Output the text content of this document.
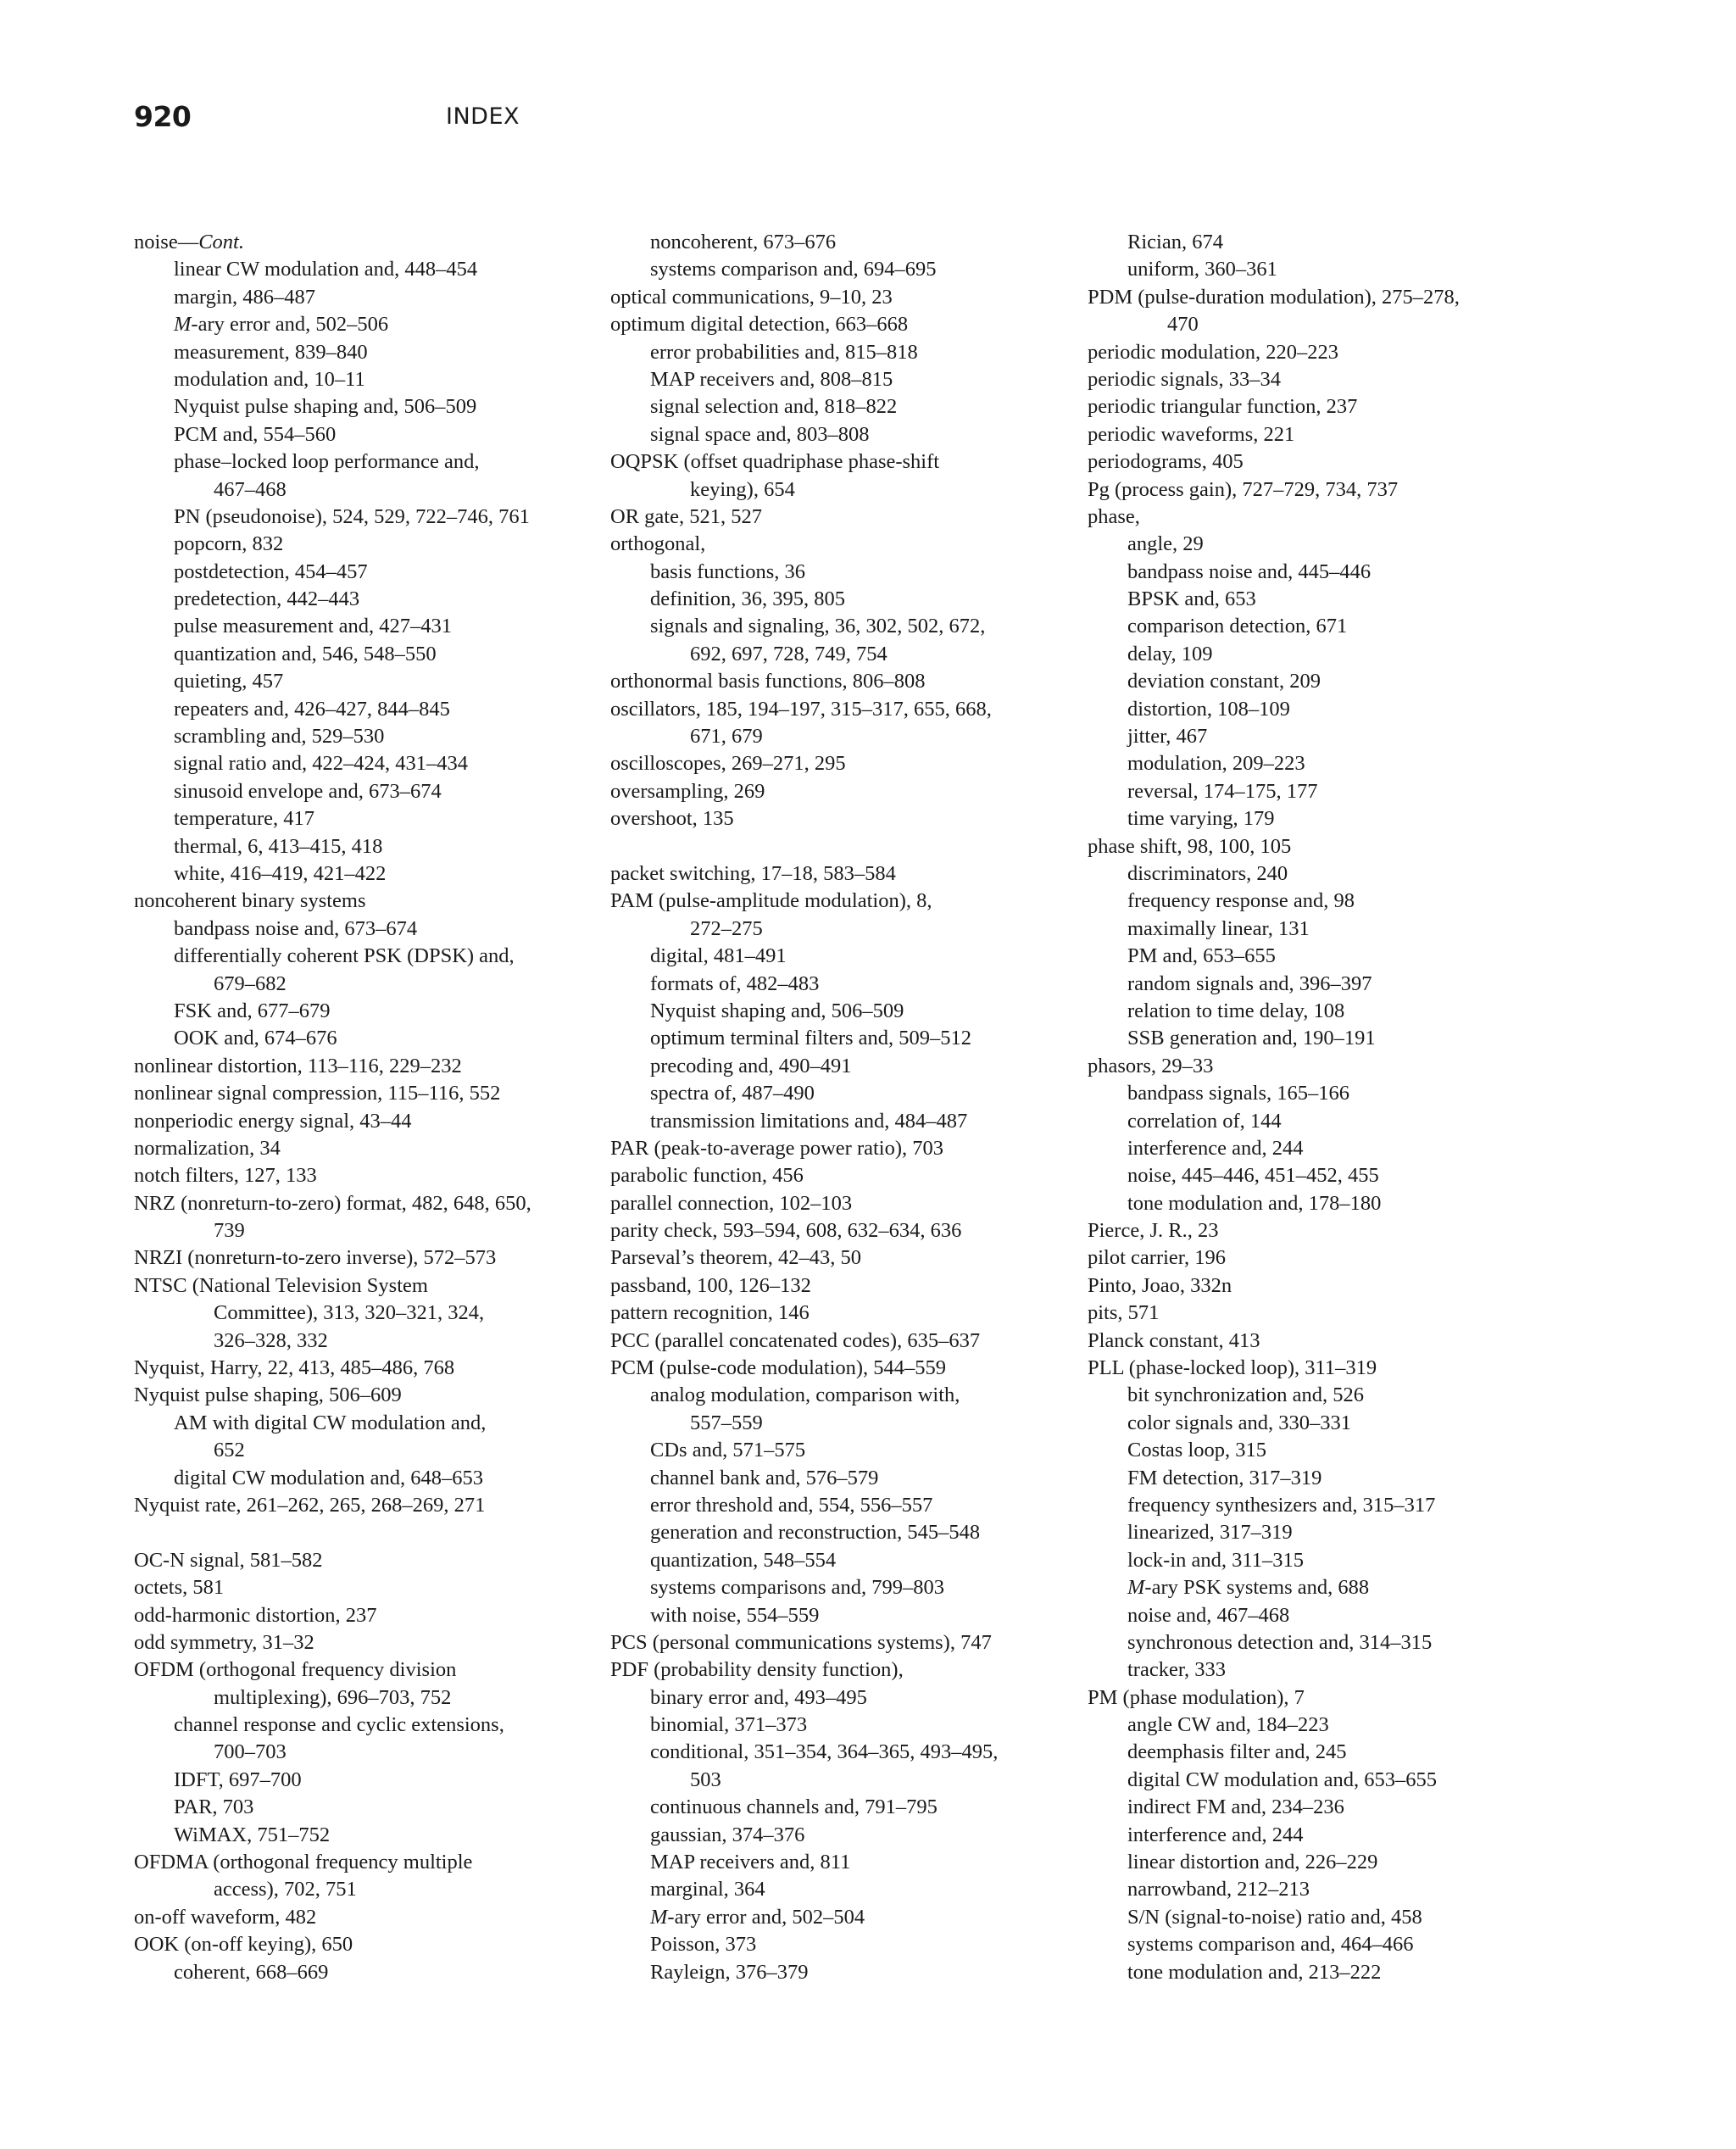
920	INDEX
noise—Cont.
linear CW modulation and, 448–454
margin, 486–487
M-ary error and, 502–506
measurement, 839–840
modulation and, 10–11
Nyquist pulse shaping and, 506–509
PCM and, 554–560
phase–locked loop performance and,
467–468
PN (pseudonoise), 524, 529, 722–746, 761
popcorn, 832
postdetection, 454–457
predetection, 442–443
pulse measurement and, 427–431
quantization and, 546, 548–550
quieting, 457
repeaters and, 426–427, 844–845
scrambling and, 529–530
signal ratio and, 422–424, 431–434
sinusoid envelope and, 673–674
temperature, 417
thermal, 6, 413–415, 418
white, 416–419, 421–422
noncoherent binary systems
bandpass noise and, 673–674
differentially coherent PSK (DPSK) and,
679–682
FSK and, 677–679
OOK and, 674–676
nonlinear distortion, 113–116, 229–232
nonlinear signal compression, 115–116, 552
nonperiodic energy signal, 43–44
normalization, 34
notch filters, 127, 133
NRZ (nonreturn-to-zero) format, 482, 648, 650,
739
NRZI (nonreturn-to-zero inverse), 572–573
NTSC (National Television System
Committee), 313, 320–321, 324,
326–328, 332
Nyquist, Harry, 22, 413, 485–486, 768
Nyquist pulse shaping, 506–609
AM with digital CW modulation and,
652
digital CW modulation and, 648–653
Nyquist rate, 261–262, 265, 268–269, 271
OC-N signal, 581–582
octets, 581
odd-harmonic distortion, 237
odd symmetry, 31–32
OFDM (orthogonal frequency division
multiplexing), 696–703, 752
channel response and cyclic extensions,
700–703
IDFT, 697–700
PAR, 703
WiMAX, 751–752
OFDMA (orthogonal frequency multiple
access), 702, 751
on-off waveform, 482
OOK (on-off keying), 650
coherent, 668–669
noncoherent, 673–676
systems comparison and, 694–695
optical communications, 9–10, 23
optimum digital detection, 663–668
error probabilities and, 815–818
MAP receivers and, 808–815
signal selection and, 818–822
signal space and, 803–808
OQPSK (offset quadriphase phase-shift
keying), 654
OR gate, 521, 527
orthogonal,
basis functions, 36
definition, 36, 395, 805
signals and signaling, 36, 302, 502, 672,
692, 697, 728, 749, 754
orthonormal basis functions, 806–808
oscillators, 185, 194–197, 315–317, 655, 668,
671, 679
oscilloscopes, 269–271, 295
oversampling, 269
overshoot, 135
packet switching, 17–18, 583–584
PAM (pulse-amplitude modulation), 8,
272–275
digital, 481–491
formats of, 482–483
Nyquist shaping and, 506–509
optimum terminal filters and, 509–512
precoding and, 490–491
spectra of, 487–490
transmission limitations and, 484–487
PAR (peak-to-average power ratio), 703
parabolic function, 456
parallel connection, 102–103
parity check, 593–594, 608, 632–634, 636
Parseval’s theorem, 42–43, 50
passband, 100, 126–132
pattern recognition, 146
PCC (parallel concatenated codes), 635–637
PCM (pulse-code modulation), 544–559
analog modulation, comparison with,
557–559
CDs and, 571–575
channel bank and, 576–579
error threshold and, 554, 556–557
generation and reconstruction, 545–548
quantization, 548–554
systems comparisons and, 799–803
with noise, 554–559
PCS (personal communications systems), 747
PDF (probability density function),
binary error and, 493–495
binomial, 371–373
conditional, 351–354, 364–365, 493–495,
503
continuous channels and, 791–795
gaussian, 374–376
MAP receivers and, 811
marginal, 364
M-ary error and, 502–504
Poisson, 373
Rayleign, 376–379
Rician, 674
uniform, 360–361
PDM (pulse-duration modulation), 275–278,
470
periodic modulation, 220–223
periodic signals, 33–34
periodic triangular function, 237
periodic waveforms, 221
periodograms, 405
Pg (process gain), 727–729, 734, 737
phase,
angle, 29
bandpass noise and, 445–446
BPSK and, 653
comparison detection, 671
delay, 109
deviation constant, 209
distortion, 108–109
jitter, 467
modulation, 209–223
reversal, 174–175, 177
time varying, 179
phase shift, 98, 100, 105
discriminators, 240
frequency response and, 98
maximally linear, 131
PM and, 653–655
random signals and, 396–397
relation to time delay, 108
SSB generation and, 190–191
phasors, 29–33
bandpass signals, 165–166
correlation of, 144
interference and, 244
noise, 445–446, 451–452, 455
tone modulation and, 178–180
Pierce, J. R., 23
pilot carrier, 196
Pinto, Joao, 332n
pits, 571
Planck constant, 413
PLL (phase-locked loop), 311–319
bit synchronization and, 526
color signals and, 330–331
Costas loop, 315
FM detection, 317–319
frequency synthesizers and, 315–317
linearized, 317–319
lock-in and, 311–315
M-ary PSK systems and, 688
noise and, 467–468
synchronous detection and, 314–315
tracker, 333
PM (phase modulation), 7
angle CW and, 184–223
deemphasis filter and, 245
digital CW modulation and, 653–655
indirect FM and, 234–236
interference and, 244
linear distortion and, 226–229
narrowband, 212–213
S/N (signal-to-noise) ratio and, 458
systems comparison and, 464–466
tone modulation and, 213–222
